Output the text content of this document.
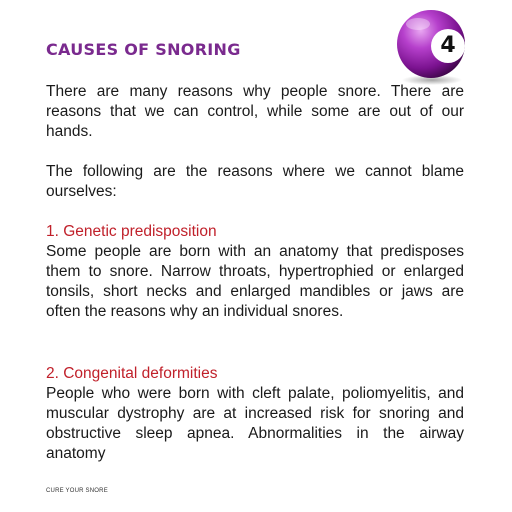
CAUSES OF SNORING	4

There are many reasons why people snore. There are reasons that we can control, while some are out of our hands.

The following are the reasons where we cannot blame ourselves:

1. Genetic predisposition

Some people are born with an anatomy that predisposes them to snore. Narrow throats, hypertrophied or enlarged tonsils, short necks and enlarged mandibles or jaws are often the reasons why an individual snores.

2. Congenital deformities

People who were born with cleft palate, poliomyelitis, and muscular dystrophy are at increased risk for snoring and obstructive sleep apnea. Abnormalities in the airway anatomy

CURE YOUR SNORE
